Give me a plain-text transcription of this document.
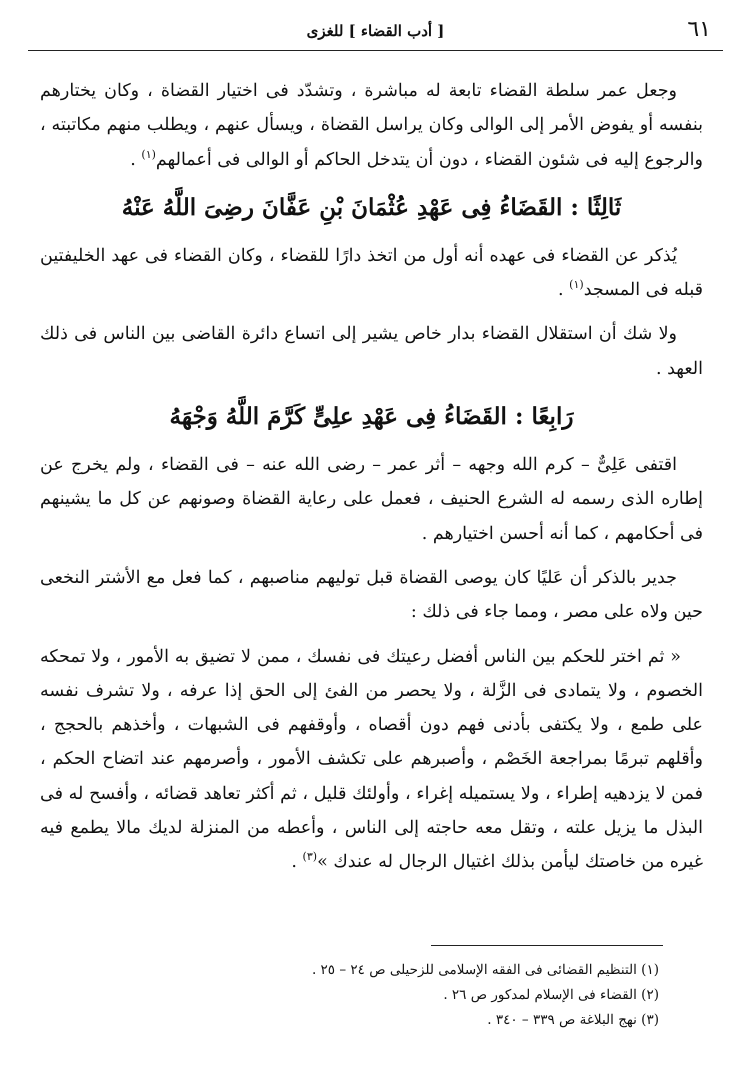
٦١
[ أدب القضاء ] للغزى

وجعل عمر سلطة القضاء تابعة له مباشرة ، وتشدّد فى اختيار القضاة ، وكان يختارهم بنفسه أو يفوض الأمر إلى الوالى وكان يراسل القضاة ، ويسأل عنهم ، ويطلب منهم مكاتبته ، والرجوع إليه فى شئون القضاء ، دون أن يتدخل الحاكم أو الوالى فى أعمالهم$^{(١)}$ .

ثَالِثًا : القَضَاءُ فِى عَهْدِ عُثْمَانَ بْنِ عَفَّانَ رضِىَ اللَّهُ عَنْهُ

يُذكر عن القضاء فى عهده أنه أول من اتخذ دارًا للقضاء ، وكان القضاء فى عهد الخليفتين قبله فى المسجد$^{(١)}$ .

ولا شك أن استقلال القضاء بدار خاص يشير إلى اتساع دائرة القاضى بين الناس فى ذلك العهد .

رَابِعًا : القَضَاءُ فِى عَهْدِ علِىٍّ كَرَّمَ اللَّهُ وَجْهَهُ

اقتفى عَلِىٌّ – كرم الله وجهه – أثر عمر – رضى الله عنه – فى القضاء ، ولم يخرج عن إطاره الذى رسمه له الشرع الحنيف ، فعمل على رعاية القضاة وصونهم عن كل ما يشينهم فى أحكامهم ، كما أنه أحسن اختيارهم .

جدير بالذكر أن عَليًا كان يوصى القضاة قبل توليهم مناصبهم ، كما فعل مع الأشتر النخعى حين ولاه على مصر ، ومما جاء فى ذلك :

« ثم اختر للحكم بين الناس أفضل رعيتك فى نفسك ، ممن لا تضيق به الأمور ، ولا تمحكه الخصوم ، ولا يتمادى فى الزَّلة ، ولا يحصر من الفئ إلى الحق إذا عرفه ، ولا تشرف نفسه على طمع ، ولا يكتفى بأدنى فهم دون أقصاه ، وأوقفهم فى الشبهات ، وأخذهم بالحجج ، وأقلهم تبرمًا بمراجعة الخَصْم ، وأصبرهم على تكشف الأمور ، وأصرمهم عند اتضاح الحكم ، فمن لا يزدهيه إطراء ، ولا يستميله إغراء ، وأولئك قليل ، ثم أكثر تعاهد قضائه ، وأفسح له فى البذل ما يزيل علته ، وتقل معه حاجته إلى الناس ، وأعطه من المنزلة لديك مالا يطمع فيه غيره من خاصتك ليأمن بذلك اغتيال الرجال له عندك »$^{(٣)}$ .

(١) التنظيم القضائى فى الفقه الإسلامى للزحيلى ص ٢٤ – ٢٥ .
(٢) القضاء فى الإسلام لمدكور ص ٢٦ .
(٣) نهج البلاغة ص ٣٣٩ – ٣٤٠ .
